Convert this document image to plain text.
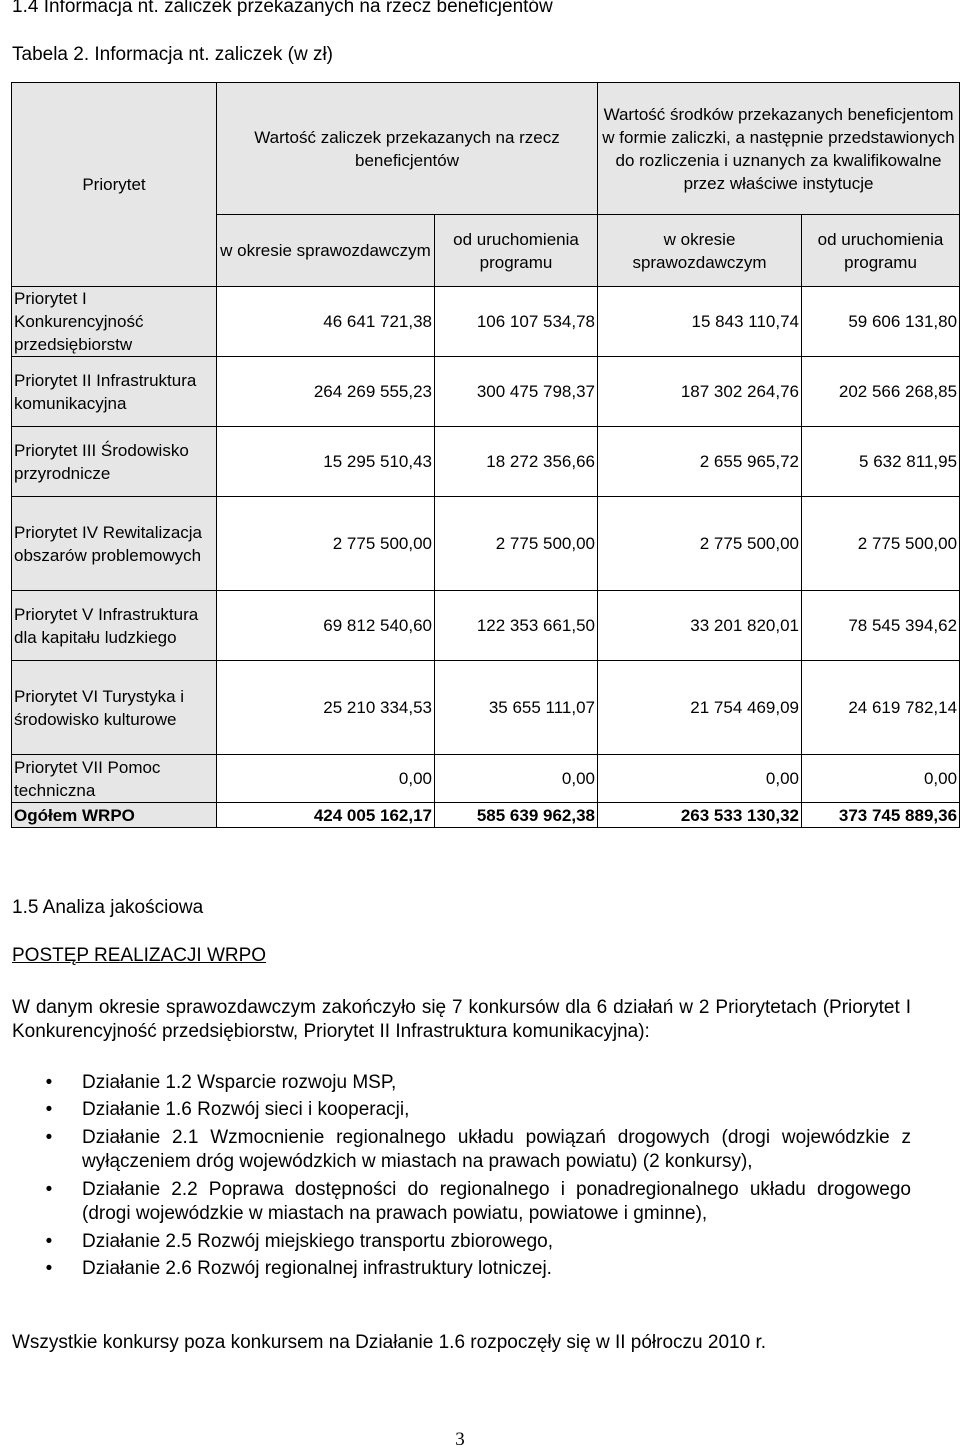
1.4 Informacja nt. zaliczek przekazanych na rzecz beneficjentów
Tabela 2. Informacja nt. zaliczek (w zł)
Priorytet	Wartość zaliczek przekazanych na rzecz beneficjentów		Wartość środków przekazanych beneficjentom w formie zaliczki, a następnie przedstawionych do rozliczenia i uznanych za kwalifikowalne przez właściwe instytucje	
	w okresie sprawozdawczym	od uruchomienia programu	w okresie sprawozdawczym	od uruchomienia programu
Priorytet I Konkurencyjność przedsiębiorstw	46 641 721,38	106 107 534,78	15 843 110,74	59 606 131,80
Priorytet II Infrastruktura komunikacyjna	264 269 555,23	300 475 798,37	187 302 264,76	202 566 268,85
Priorytet III Środowisko przyrodnicze	15 295 510,43	18 272 356,66	2 655 965,72	5 632 811,95
Priorytet IV Rewitalizacja obszarów problemowych	2 775 500,00	2 775 500,00	2 775 500,00	2 775 500,00
Priorytet V Infrastruktura dla kapitału ludzkiego	69 812 540,60	122 353 661,50	33 201 820,01	78 545 394,62
Priorytet VI Turystyka i środowisko kulturowe	25 210 334,53	35 655 111,07	21 754 469,09	24 619 782,14
Priorytet VII Pomoc techniczna	0,00	0,00	0,00	0,00
Ogółem WRPO	424 005 162,17	585 639 962,38	263 533 130,32	373 745 889,36
1.5 Analiza jakościowa
POSTĘP REALIZACJI WRPO
W danym okresie sprawozdawczym zakończyło się 7 konkursów dla 6 działań w 2 Priorytetach (Priorytet I Konkurencyjność przedsiębiorstw, Priorytet II Infrastruktura komunikacyjna):
• Działanie 1.2 Wsparcie rozwoju MSP,
• Działanie 1.6 Rozwój sieci i kooperacji,
• Działanie 2.1 Wzmocnienie regionalnego układu powiązań drogowych (drogi wojewódzkie z wyłączeniem dróg wojewódzkich w miastach na prawach powiatu) (2 konkursy),
• Działanie 2.2 Poprawa dostępności do regionalnego i ponadregionalnego układu drogowego (drogi wojewódzkie w miastach na prawach powiatu, powiatowe i gminne),
• Działanie 2.5 Rozwój miejskiego transportu zbiorowego,
• Działanie 2.6 Rozwój regionalnej infrastruktury lotniczej.
Wszystkie konkursy poza konkursem na Działanie 1.6 rozpoczęły się w II półroczu 2010 r.
3
